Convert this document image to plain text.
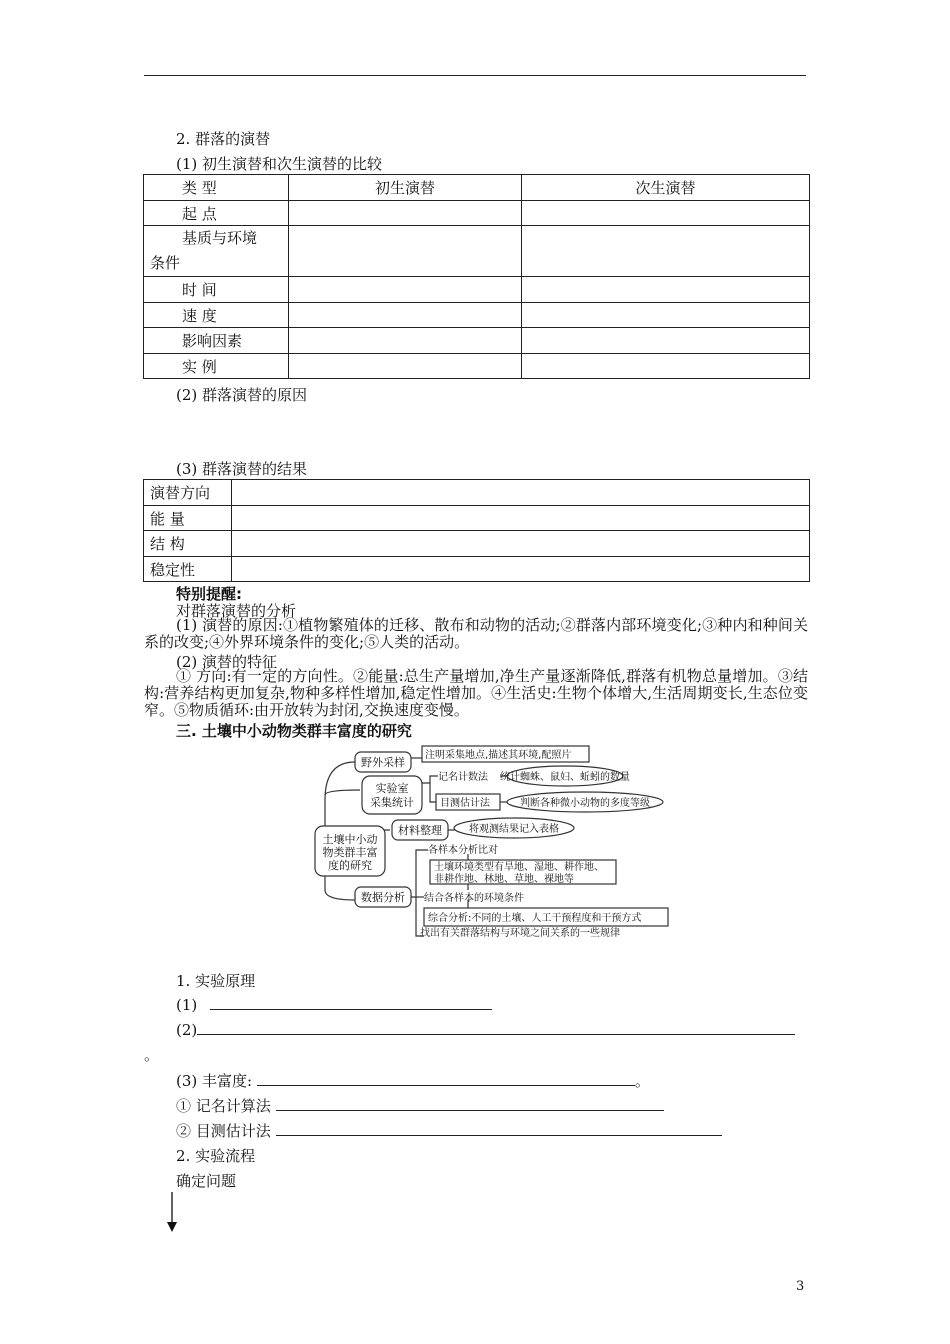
2. 群落的演替
(1) 初生演替和次生演替的比较
类 型	初生演替	次生演替
起 点		
基质与环境
条件		
时 间		
速 度		
影响因素		
实 例		
(2) 群落演替的原因
(3) 群落演替的结果
演替方向	
能 量	
结 构	
稳定性	
特别提醒:
对群落演替的分析
(1) 演替的原因:①植物繁殖体的迁移、散布和动物的活动;②群落内部环境变化;③种内和种间关系的改变;④外界环境条件的变化;⑤人类的活动。
(2) 演替的特征
① 方向:有一定的方向性。②能量:总生产量增加,净生产量逐渐降低,群落有机物总量增加。③结构:营养结构更加复杂,物种多样性增加,稳定性增加。④生活史:生物个体增大,生活周期变长,生态位变窄。⑤物质循环:由开放转为封闭,交换速度变慢。
三. 土壤中小动物类群丰富度的研究
土壤中小动
物类群丰富
度的研究
野外采样
实验室
采集统计
材料整理
数据分析
注明采集地点,描述其环境,配照片
记名计数法
目测估计法
统计蜘蛛、鼠妇、蚯蚓的数量
判断各种微小动物的多度等级
将观测结果记入表格
各样本分析比对
土壤环境类型有旱地、湿地、耕作地、
非耕作地、林地、草地、裸地等
结合各样本的环境条件
综合分析:不同的土壤、人工干预程度和干预方式
找出有关群落结构与环境之间关系的一些规律
1. 实验原理
(1)
(2)
。
(3) 丰富度:	。
① 记名计算法
② 目测估计法
2. 实验流程
确定问题
3
